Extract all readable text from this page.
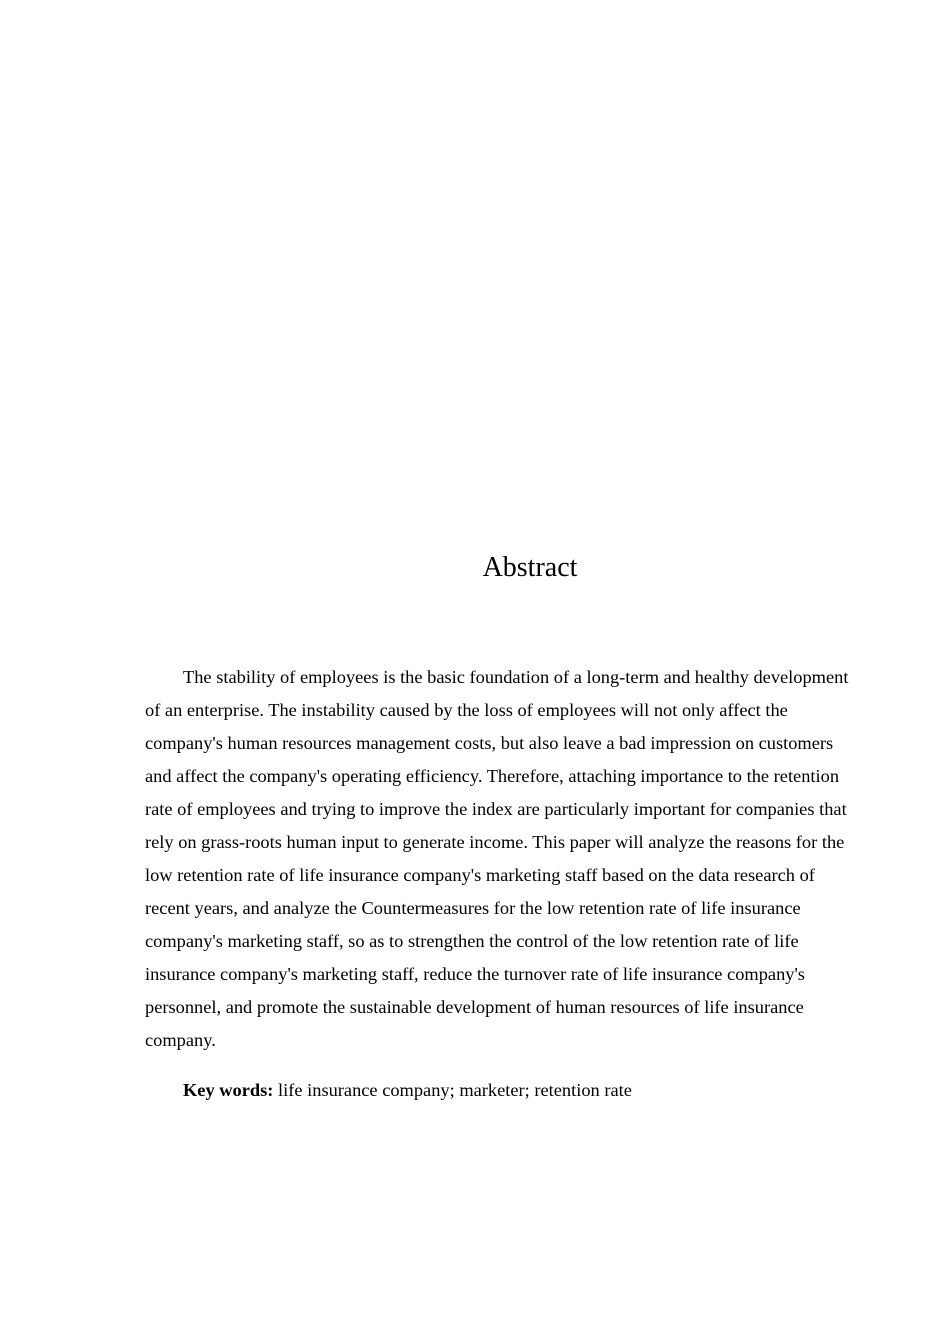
Abstract

The stability of employees is the basic foundation of a long-term and healthy development of an enterprise. The instability caused by the loss of employees will not only affect the company's human resources management costs, but also leave a bad impression on customers and affect the company's operating efficiency. Therefore, attaching importance to the retention rate of employees and trying to improve the index are particularly important for companies that rely on grass-roots human input to generate income. This paper will analyze the reasons for the low retention rate of life insurance company's marketing staff based on the data research of recent years, and analyze the Countermeasures for the low retention rate of life insurance company's marketing staff, so as to strengthen the control of the low retention rate of life insurance company's marketing staff, reduce the turnover rate of life insurance company's personnel, and promote the sustainable development of human resources of life insurance company.

Key words: life insurance company; marketer; retention rate
